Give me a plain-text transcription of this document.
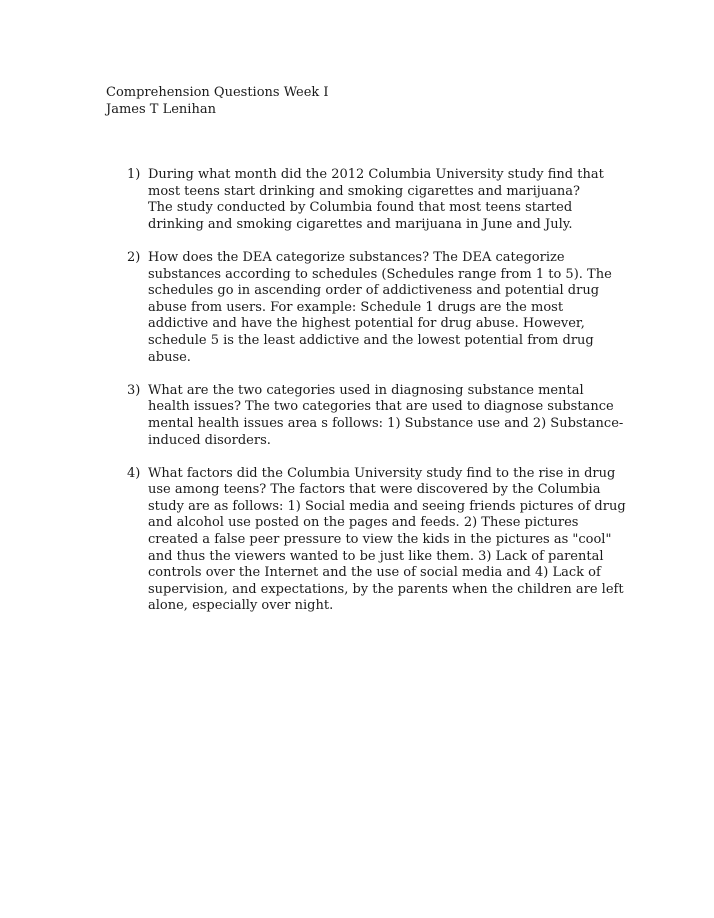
Comprehension Questions Week I
James T Lenihan
1) During what month did the 2012 Columbia University study find that most teens start drinking and smoking cigarettes and marijuana?
The study conducted by Columbia found that most teens started drinking and smoking cigarettes and marijuana in June and July.
2) How does the DEA categorize substances? The DEA categorize substances according to schedules (Schedules range from 1 to 5). The schedules go in ascending order of addictiveness and potential drug abuse from users. For example: Schedule 1 drugs are the most addictive and have the highest potential for drug abuse. However, schedule 5 is the least addictive and the lowest potential from drug abuse.
3) What are the two categories used in diagnosing substance mental health issues? The two categories that are used to diagnose substance mental health issues area s follows: 1) Substance use and 2) Substance-induced disorders.
4) What factors did the Columbia University study find to the rise in drug use among teens? The factors that were discovered by the Columbia study are as follows: 1) Social media and seeing friends pictures of drug and alcohol use posted on the pages and feeds. 2) These pictures created a false peer pressure to view the kids in the pictures as "cool" and thus the viewers wanted to be just like them. 3) Lack of parental controls over the Internet and the use of social media and 4) Lack of supervision, and expectations, by the parents when the children are left alone, especially over night.
